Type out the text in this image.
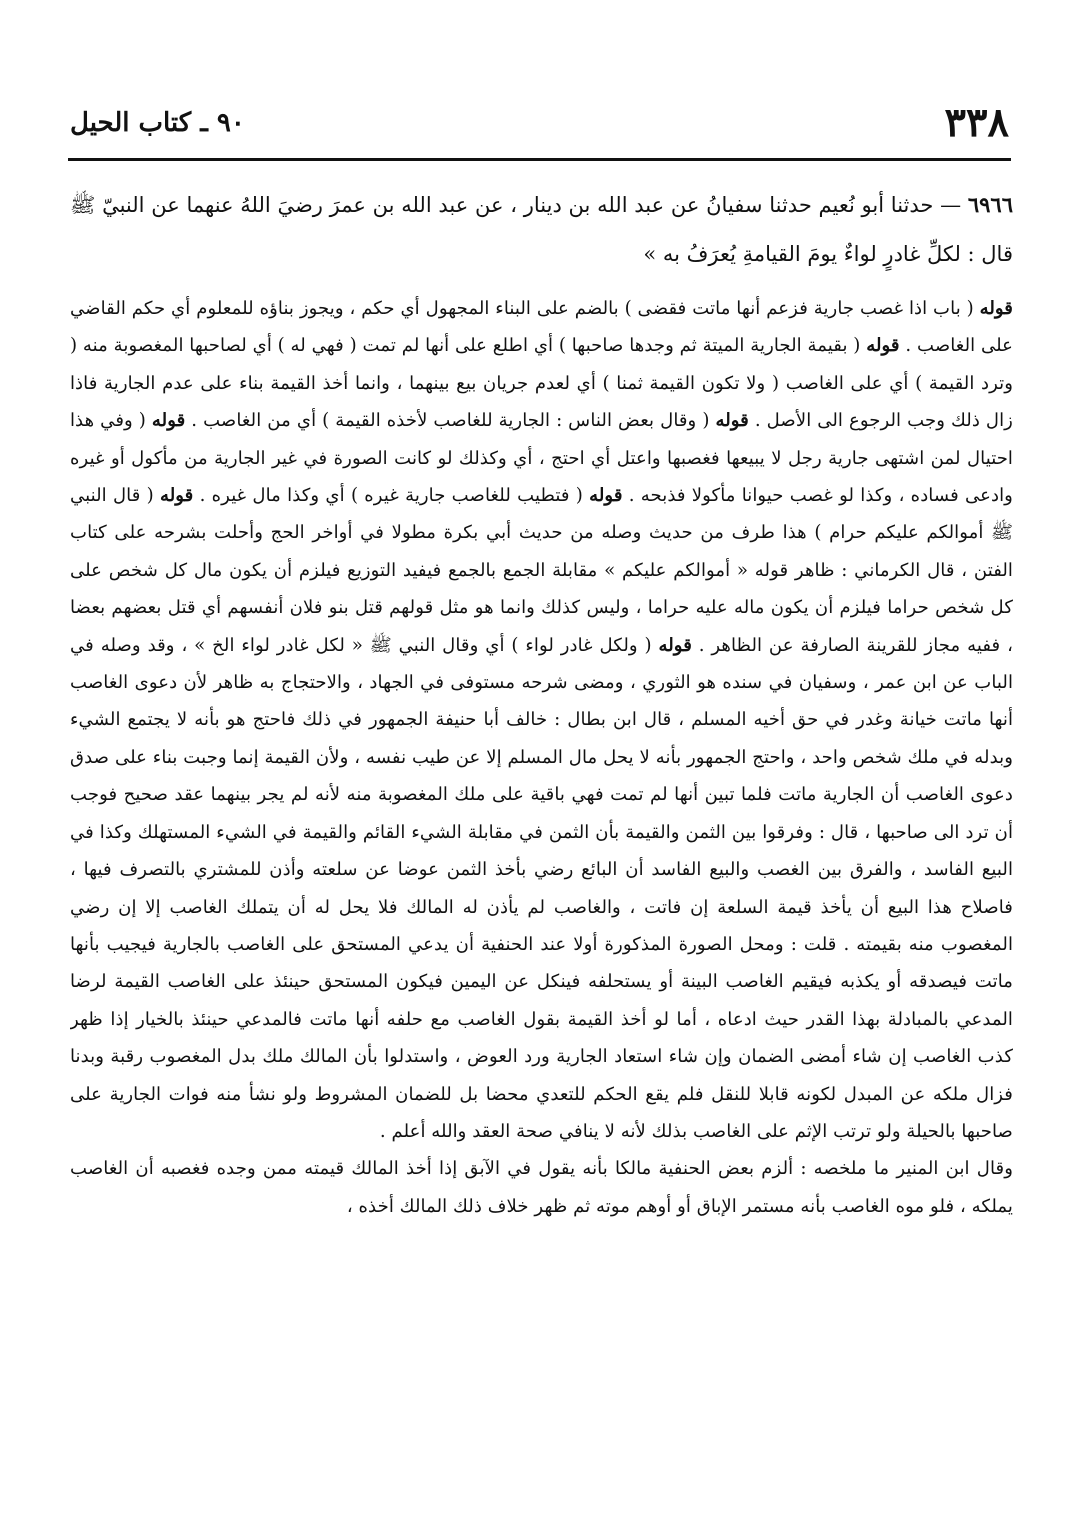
٣٣٨
٩٠ ـ كتاب الحيل
٦٩٦٦ — حدثنا أبو نُعيم حدثنا سفيانُ عن عبد الله بن دينار ، عن عبد الله بن عمرَ رضيَ اللهُ عنهما عن النبيّ ﷺ قال : لكلِّ غادرٍ لواءٌ يومَ القيامةِ يُعرَفُ به »

قوله ( باب اذا غصب جارية فزعم أنها ماتت فقضى ) بالضم على البناء المجهول أي حكم ، ويجوز بناؤه للمعلوم أي حكم القاضي على الغاصب . قوله ( بقيمة الجارية الميتة ثم وجدها صاحبها ) أي اطلع على أنها لم تمت ( فهي له ) أي لصاحبها المغصوبة منه ( وترد القيمة ) أي على الغاصب ( ولا تكون القيمة ثمنا ) أي لعدم جريان بيع بينهما ، وانما أخذ القيمة بناء على عدم الجارية فاذا زال ذلك وجب الرجوع الى الأصل . قوله ( وقال بعض الناس : الجارية للغاصب لأخذه القيمة ) أي من الغاصب . قوله ( وفي هذا احتيال لمن اشتهى جارية رجل لا يبيعها فغصبها واعتل أي احتج ، أي وكذلك لو كانت الصورة في غير الجارية من مأكول أو غيره وادعى فساده ، وكذا لو غصب حيوانا مأكولا فذبحه . قوله ( فتطيب للغاصب جارية غيره ) أي وكذا مال غيره . قوله ( قال النبي ﷺ أموالكم عليكم حرام ) هذا طرف من حديث وصله من حديث أبي بكرة مطولا في أواخر الحج وأحلت بشرحه على كتاب الفتن ، قال الكرماني : ظاهر قوله « أموالكم عليكم » مقابلة الجمع بالجمع فيفيد التوزيع فيلزم أن يكون مال كل شخص على كل شخص حراما فيلزم أن يكون ماله عليه حراما ، وليس كذلك وانما هو مثل قولهم قتل بنو فلان أنفسهم أي قتل بعضهم بعضا ، ففيه مجاز للقرينة الصارفة عن الظاهر . قوله ( ولكل غادر لواء ) أي وقال النبي ﷺ « لكل غادر لواء الخ » ، وقد وصله في الباب عن ابن عمر ، وسفيان في سنده هو الثوري ، ومضى شرحه مستوفى في الجهاد ، والاحتجاج به ظاهر لأن دعوى الغاصب أنها ماتت خيانة وغدر في حق أخيه المسلم ، قال ابن بطال : خالف أبا حنيفة الجمهور في ذلك فاحتج هو بأنه لا يجتمع الشيء وبدله في ملك شخص واحد ، واحتج الجمهور بأنه لا يحل مال المسلم إلا عن طيب نفسه ، ولأن القيمة إنما وجبت بناء على صدق دعوى الغاصب أن الجارية ماتت فلما تبين أنها لم تمت فهي باقية على ملك المغصوبة منه لأنه لم يجر بينهما عقد صحيح فوجب أن ترد الى صاحبها ، قال : وفرقوا بين الثمن والقيمة بأن الثمن في مقابلة الشيء القائم والقيمة في الشيء المستهلك وكذا في البيع الفاسد ، والفرق بين الغصب والبيع الفاسد أن البائع رضي بأخذ الثمن عوضا عن سلعته وأذن للمشتري بالتصرف فيها ، فاصلاح هذا البيع أن يأخذ قيمة السلعة إن فاتت ، والغاصب لم يأذن له المالك فلا يحل له أن يتملك الغاصب إلا إن رضي المغصوب منه بقيمته . قلت : ومحل الصورة المذكورة أولا عند الحنفية أن يدعي المستحق على الغاصب بالجارية فيجيب بأنها ماتت فيصدقه أو يكذبه فيقيم الغاصب البينة أو يستحلفه فينكل عن اليمين فيكون المستحق حينئذ على الغاصب القيمة لرضا المدعي بالمبادلة بهذا القدر حيث ادعاه ، أما لو أخذ القيمة بقول الغاصب مع حلفه أنها ماتت فالمدعي حينئذ بالخيار إذا ظهر كذب الغاصب إن شاء أمضى الضمان وإن شاء استعاد الجارية ورد العوض ، واستدلوا بأن المالك ملك بدل المغصوب رقبة وبدنا فزال ملكه عن المبدل لكونه قابلا للنقل فلم يقع الحكم للتعدي محضا بل للضمان المشروط ولو نشأ منه فوات الجارية على صاحبها بالحيلة ولو ترتب الإثم على الغاصب بذلك لأنه لا ينافي صحة العقد والله أعلم .

وقال ابن المنير ما ملخصه : ألزم بعض الحنفية مالكا بأنه يقول في الآبق إذا أخذ المالك قيمته ممن وجده فغصبه أن الغاصب يملكه ، فلو موه الغاصب بأنه مستمر الإباق أو أوهم موته ثم ظهر خلاف ذلك المالك أخذه ،
